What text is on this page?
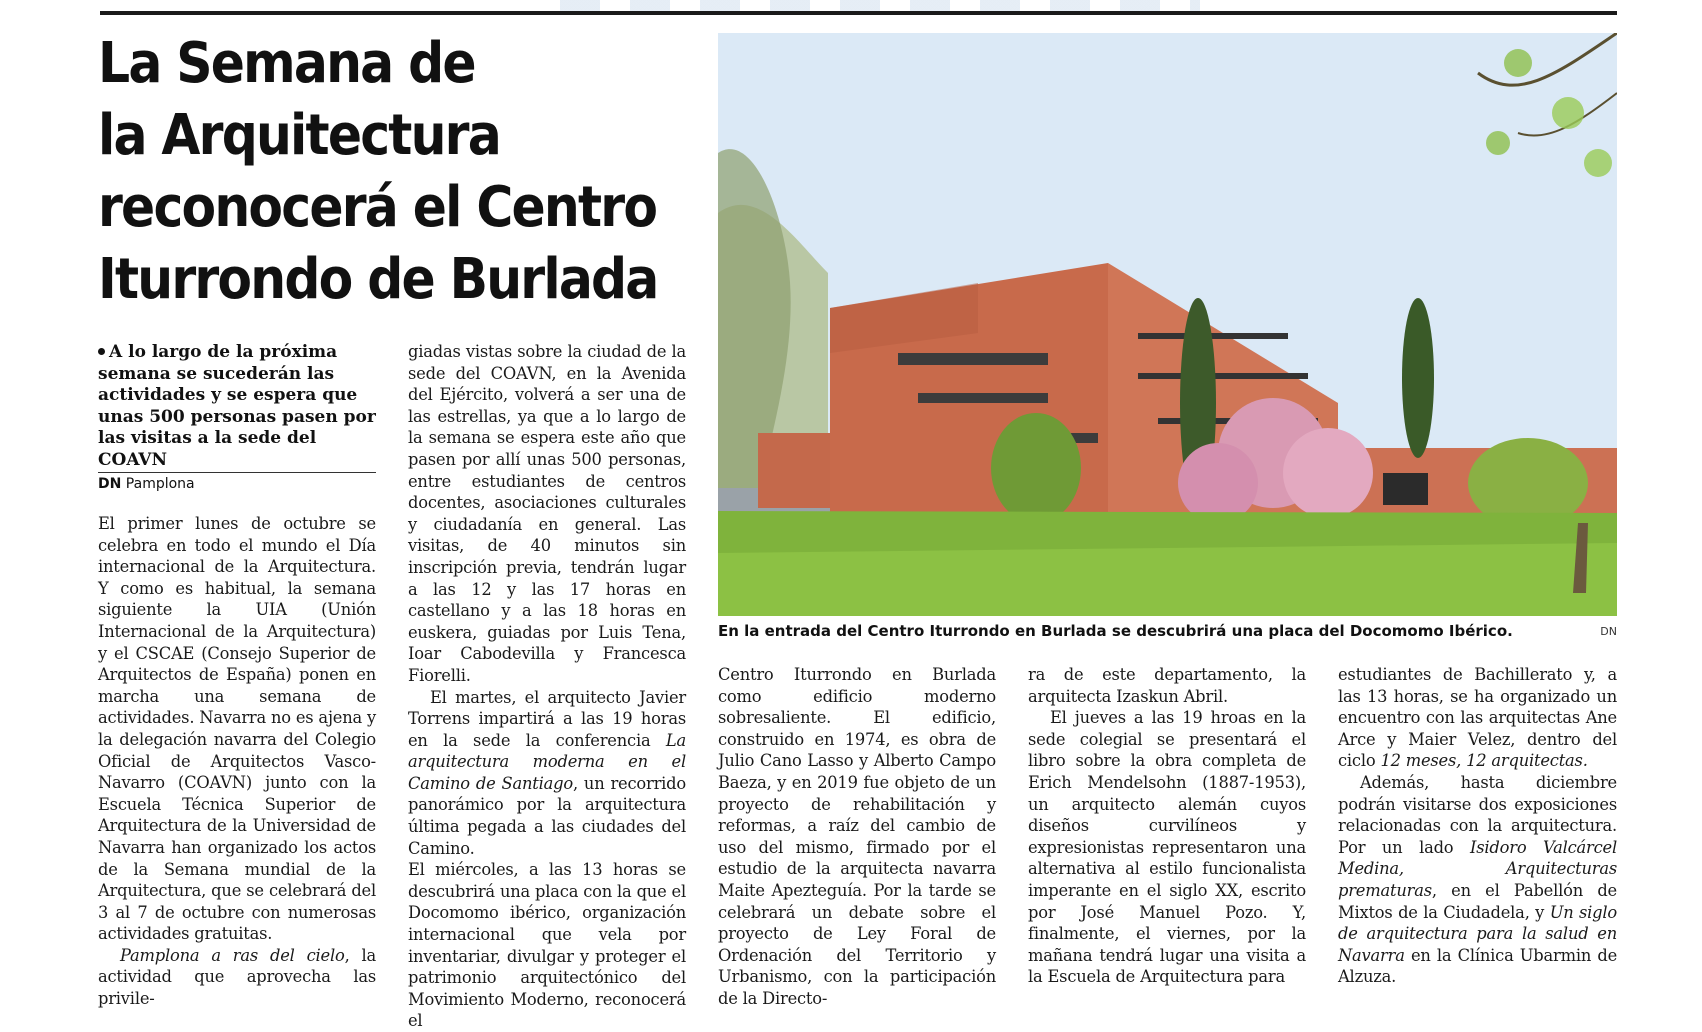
La Semana de
la Arquitectura
reconocerá el Centro
Iturrondo de Burlada
A lo largo de la próxima semana se sucederán las actividades y se espera que unas 500 personas pasen por las visitas a la sede del COAVN
DN Pamplona

El primer lunes de octubre se celebra en todo el mundo el Día internacional de la Arquitectura. Y como es habitual, la semana siguiente la UIA (Unión Internacional de la Arquitectura) y el CSCAE (Consejo Superior de Arquitectos de España) ponen en marcha una semana de actividades. Navarra no es ajena y la delegación navarra del Colegio Oficial de Arquitectos Vasco-Navarro (COAVN) junto con la Escuela Técnica Superior de Arquitectura de la Universidad de Navarra han organizado los actos de la Semana mundial de la Arquitectura, que se celebrará del 3 al 7 de octubre con numerosas actividades gratuitas.

Pamplona a ras del cielo, la actividad que aprovecha las privile-

giadas vistas sobre la ciudad de la sede del COAVN, en la Avenida del Ejército, volverá a ser una de las estrellas, ya que a lo largo de la semana se espera este año que pasen por allí unas 500 personas, entre estudiantes de centros docentes, asociaciones culturales y ciudadanía en general. Las visitas, de 40 minutos sin inscripción previa, tendrán lugar a las 12 y las 17 horas en castellano y a las 18 horas en euskera, guiadas por Luis Tena, Ioar Cabodevilla y Francesca Fiorelli.

El martes, el arquitecto Javier Torrens impartirá a las 19 horas en la sede la conferencia La arquitectura moderna en el Camino de Santiago, un recorrido panorámico por la arquitectura última pegada a las ciudades del Camino.

El miércoles, a las 13 horas se descubrirá una placa con la que el Docomomo ibérico, organización internacional que vela por inventariar, divulgar y proteger el patrimonio arquitectónico del Movimiento Moderno, reconocerá el

En la entrada del Centro Iturrondo en Burlada se descubrirá una placa del Docomomo Ibérico.	DN

Centro Iturrondo en Burlada como edificio moderno sobresaliente. El edificio, construido en 1974, es obra de Julio Cano Lasso y Alberto Campo Baeza, y en 2019 fue objeto de un proyecto de rehabilitación y reformas, a raíz del cambio de uso del mismo, firmado por el estudio de la arquitecta navarra Maite Apezteguía. Por la tarde se celebrará un debate sobre el proyecto de Ley Foral de Ordenación del Territorio y Urbanismo, con la participación de la Directo-

ra de este departamento, la arquitecta Izaskun Abril.

El jueves a las 19 hroas en la sede colegial se presentará el libro sobre la obra completa de Erich Mendelsohn (1887-1953), un arquitecto alemán cuyos diseños curvilíneos y expresionistas representaron una alternativa al estilo funcionalista imperante en el siglo XX, escrito por José Manuel Pozo. Y, finalmente, el viernes, por la mañana tendrá lugar una visita a la Escuela de Arquitectura para

estudiantes de Bachillerato y, a las 13 horas, se ha organizado un encuentro con las arquitectas Ane Arce y Maier Velez, dentro del ciclo 12 meses, 12 arquitectas.

Además, hasta diciembre podrán visitarse dos exposiciones relacionadas con la arquitectura. Por un lado Isidoro Valcárcel Medina, Arquitecturas prematuras, en el Pabellón de Mixtos de la Ciudadela, y Un siglo de arquitectura para la salud en Navarra en la Clínica Ubarmin de Alzuza.
